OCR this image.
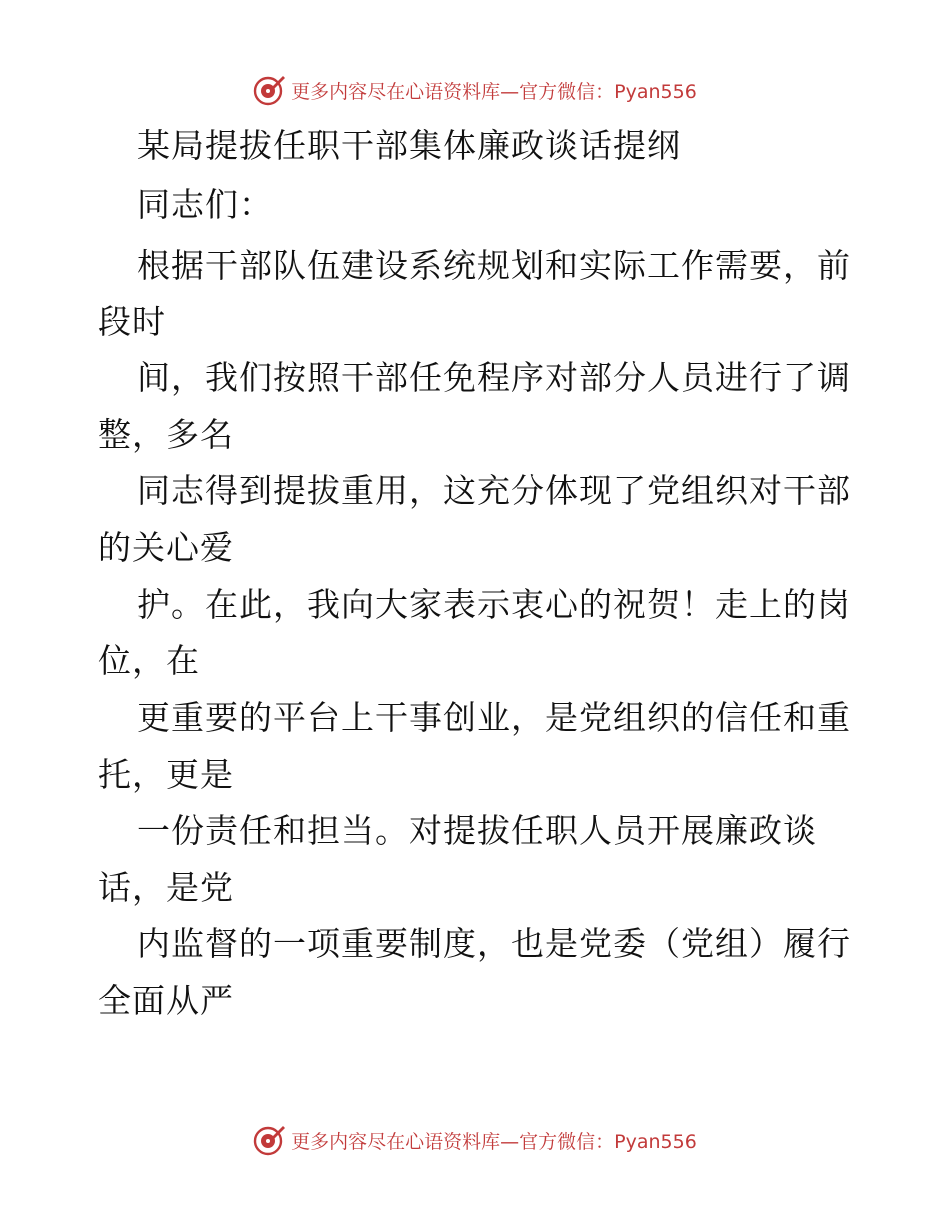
更多内容尽在心语资料库—官方微信：Pyan556
某局提拔任职干部集体廉政谈话提纲
同志们：
根据干部队伍建设系统规划和实际工作需要，前
段时
间，我们按照干部任免程序对部分人员进行了调
整，多名
同志得到提拔重用，这充分体现了党组织对干部
的关心爱
护。在此，我向大家表示衷心的祝贺！走上的岗
位，在
更重要的平台上干事创业，是党组织的信任和重
托，更是
一份责任和担当。对提拔任职人员开展廉政谈
话，是党
内监督的一项重要制度，也是党委（党组）履行
全面从严
更多内容尽在心语资料库—官方微信：Pyan556
